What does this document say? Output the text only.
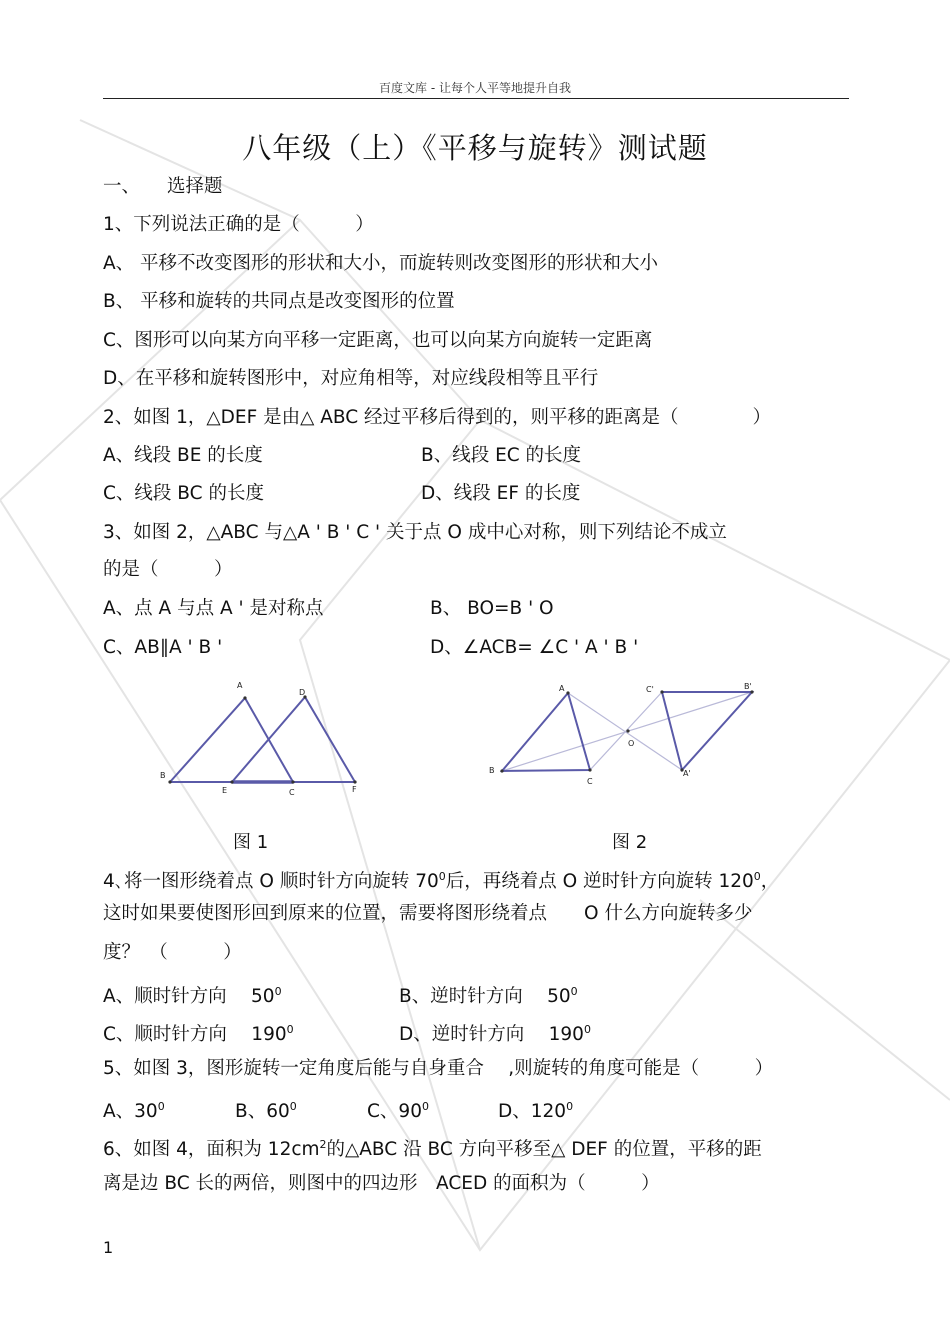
百度文库 - 让每个人平等地提升自我
八年级（上）《平移与旋转》测试题
一、 选择题
1、下列说法正确的是（　　　）
A、 平移不改变图形的形状和大小，而旋转则改变图形的形状和大小
B、 平移和旋转的共同点是改变图形的位置
C、图形可以向某方向平移一定距离，也可以向某方向旋转一定距离
D、在平移和旋转图形中，对应角相等，对应线段相等且平行
2、如图 1，△DEF 是由△ ABC 经过平移后得到的，则平移的距离是（　　　　）
A、线段 BE 的长度	B、线段 EC 的长度
C、线段 BC 的长度	D、线段 EF 的长度
3、如图 2，△ABC 与△A ' B ' C ' 关于点 O 成中心对称，则下列结论不成立
的是（　　　）
A、点 A 与点 A ' 是对称点	B、 BO=B ' O
C、AB∥A ' B '	D、∠ACB= ∠C ' A ' B '
A
D
B
E	C	F
A	C'	B'
O
B
C
A'
图 1	图 2
4､将一图形绕着点 O 顺时针方向旋转 $70^0$后，再绕着点 O 逆时针方向旋转 $120^0$，
这时如果要使图形回到原来的位置，需要将图形绕着点　　O 什么方向旋转多少
度？　（　　　）
A、顺时针方向　 $50^0$	B、逆时针方向　 $50^0$
C、顺时针方向　 $190^0$	D、逆时针方向　 $190^0$
5、如图 3，图形旋转一定角度后能与自身重合　 ,则旋转的角度可能是（　　　）
A、$30^0$	B、$60^0$	C、$90^0$	D、$120^0$
6、如图 4，面积为 $12cm^2$的△ABC 沿 BC 方向平移至△ DEF 的位置，平移的距
离是边 BC 长的两倍，则图中的四边形　ACED 的面积为（　　　）
1
